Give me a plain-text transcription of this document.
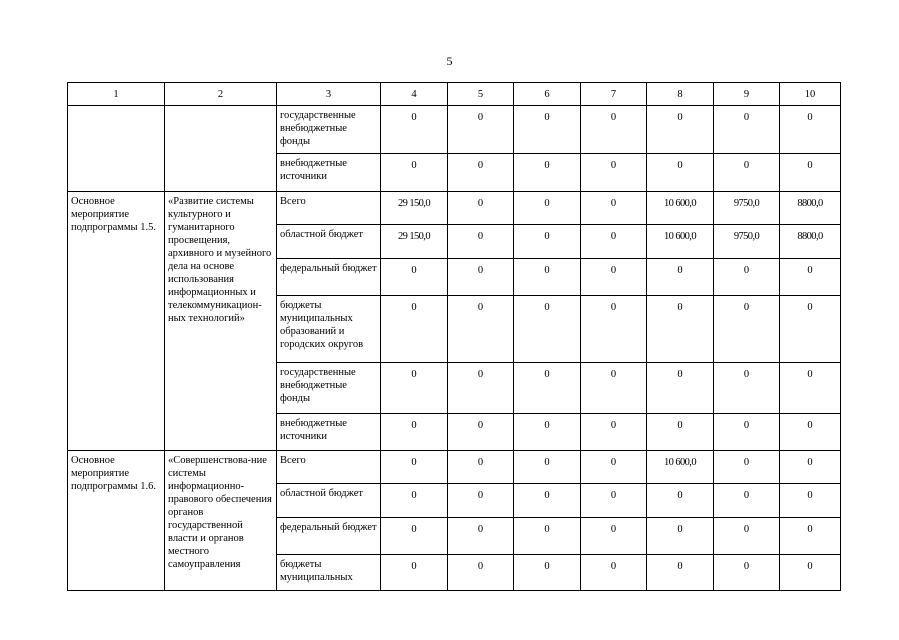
5
1	2	3	4	5	6	7	8	9	10
		государственные внебюджетные фонды	0	0	0	0	0	0	0
		внебюджетные источники	0	0	0	0	0	0	0
Основное мероприятие подпрограммы 1.5.	«Развитие системы культурного и гуманитарного просвещения, архивного и музейного дела на основе использования информационных и телекоммуникацион-ных технологий»	Всего	29 150,0	0	0	0	10 600,0	9750,0	8800,0
		областной бюджет	29 150,0	0	0	0	10 600,0	9750,0	8800,0
		федеральный бюджет	0	0	0	0	0	0	0
		бюджеты муниципальных образований и городских округов	0	0	0	0	0	0	0
		государственные внебюджетные фонды	0	0	0	0	0	0	0
		внебюджетные источники	0	0	0	0	0	0	0
Основное мероприятие подпрограммы 1.6.	«Совершенствова-ние системы информационно-правового обеспечения органов государственной власти и органов местного самоуправления	Всего	0	0	0	0	10 600,0	0	0
		областной бюджет	0	0	0	0	0	0	0
		федеральный бюджет	0	0	0	0	0	0	0
		бюджеты муниципальных	0	0	0	0	0	0	0
